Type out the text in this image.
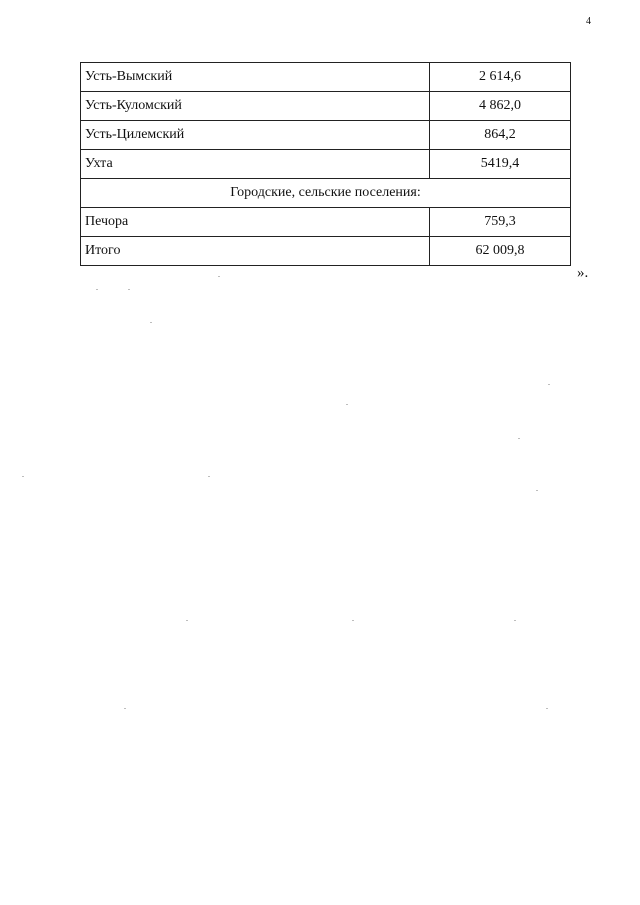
4
Усть-Вымский	2 614,6
Усть-Куломский	4 862,0
Усть-Цилемский	864,2
Ухта	5419,4
Городские, сельские поселения:	
Печора	759,3
Итого	62 009,8
».
